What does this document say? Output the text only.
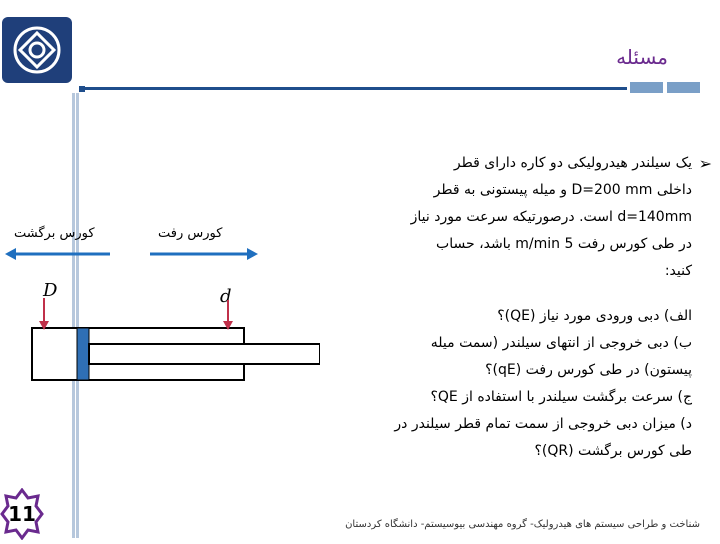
مسئله
کورس برگشت	کورس رفت
D	d
➢

یک سیلندر هیدرولیکی دو کاره دارای قطر

داخلی D=200 mm و میله پیستونی به قطر

d=140mm است. درصورتیکه سرعت مورد نیاز

در طی کورس رفت 5 m/min باشد، حساب

کنید:

الف) دبی ورودی مورد نیاز (QE)؟

ب) دبی خروجی از انتهای سیلندر (سمت میله

پیستون) در طی کورس رفت (qE)؟

ج) سرعت برگشت سیلندر با استفاده از QE؟

د) میزان دبی خروجی از سمت تمام قطر سیلندر در

طی کورس برگشت (QR)؟

11	شناخت و طراحی سیستم های هیدرولیک- گروه مهندسی بیوسیستم- دانشگاه کردستان
